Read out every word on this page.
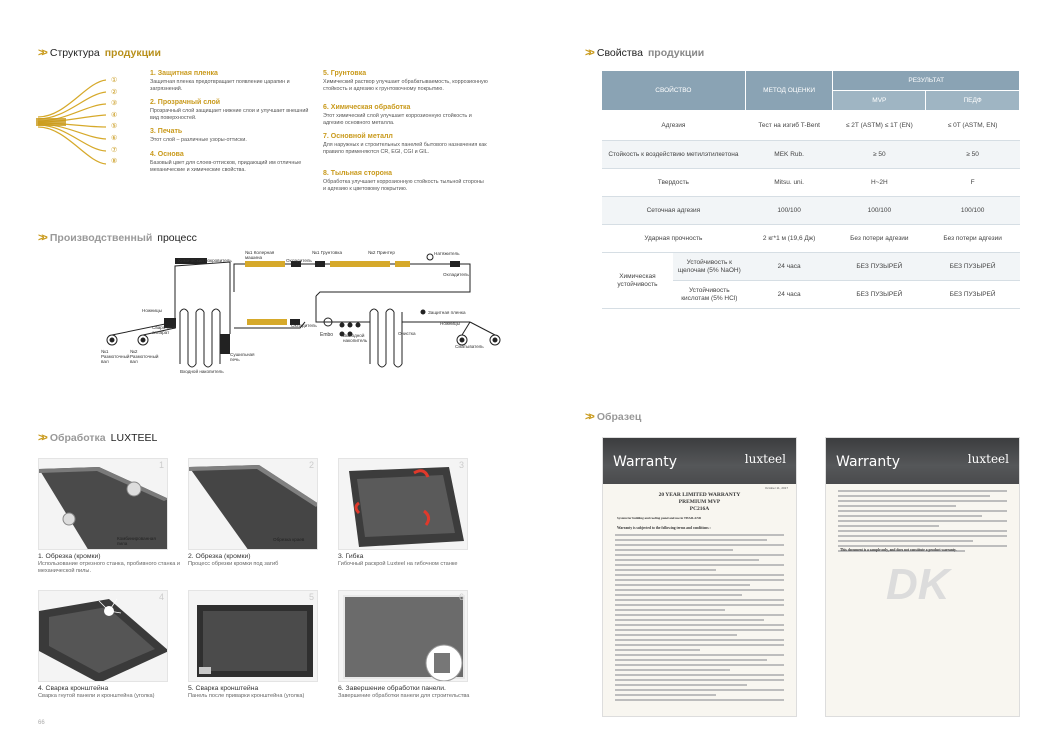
>> Структура продукции
①
②
③
④
⑤
⑥
⑦
⑧
1. Защитная пленка
Защитная пленка предотвращает появление царапин и загрязнений.
2. Прозрачный слой
Прозрачный слой защищает нижние слои и улучшает внешний вид поверхностей.
3. Печать
Этот слой – различные узоры-оттиски.
4. Основа
Базовый цвет для слоев-оттисков, придающий им отличные механические и химические свойства.
5. Грунтовка
Химический раствор улучшает обрабатываемость, коррозионную стойкость и адгезию к грунтовочному покрытию.
6. Химическая обработка
Этот химический слой улучшает коррозионную стойкость и адгезию основного металла.
7. Основной металл
Для наружных и строительных панелей бытового назначения как правило применяются CR, EGI, CGI и GIL.
8. Тыльная сторона
Обработка улучшает коррозионную стойкость тыльной стороны и адгезию к цветовому покрытию.
>> Производственный процесс
№1 Размоточный вал
№2 Размоточный вал
Ножницы
Сварочный аппарат
Входной накопитель
Химический покровитель
Сушильная печь
Охладитель
№1 Колерная машина
№1 Грунтовка	№2 Принтер	Натяжитель
Охладитель
Охладитель
Embo Выходной накопитель
Очистка
Защитная пленка
Ножницы
Сматыватель
>> Свойства продукции
СВОЙСТВО		МЕТОД ОЦЕНКИ	РЕЗУЛЬТАТ	
			MVP	ПЕДФ
Адгезия		Тест на изгиб T-Bent	≤ 2T (ASTM) ≤ 1T (EN)	≤ 0T (ASTM, EN)
Стойкость к воздействию метилэтилкетона		MEK Rub.	≥ 50	≥ 50
Твердость		Mitsu. uni.	H~2H	F
Сеточная адгезия		100/100	100/100	100/100
Ударная прочность		2 кг*1 м (19,6 Дж)	Без потери адгезии	Без потери адгезии
Химическая устойчивость	Устойчивость к щелочам (5% NaOH)	24 часа	БЕЗ ПУЗЫРЕЙ	БЕЗ ПУЗЫРЕЙ
	Устойчивость кислотам (5% HCl)	24 часа	БЕЗ ПУЗЫРЕЙ	БЕЗ ПУЗЫРЕЙ
>> Обработка LUXTEEL
1
Комбинированная пила
1. Обрезка (кромки)
Использование отрезного станка, пробивного станка и механической пилы.
2
Обрезка краев
2. Обрезка (кромки)
Процесс обрезки кромки под загиб
3
3. Гибка
Гибочный раскрой Luxteel на гибочном станке
4
4. Сварка кронштейна
Сварка гнутой панели и кронштейна (уголка)
5
5. Сварка кронштейна
Панель после приварки кронштейна (уголка)
6
6. Завершение обработки панели.
Завершение обработки панели для строительства
66
>> Образец
Warranty	luxteel
October 11, 2017
20 YEAR LIMITED WARRANTY
PREMIUM MVP
PC216A
System for building and roofing panel and use in THAILAND
Warranty is subjected to the following terms and conditions :
Warranty	luxteel
This document is a sample only, and does not constitute a product warranty.
DK
